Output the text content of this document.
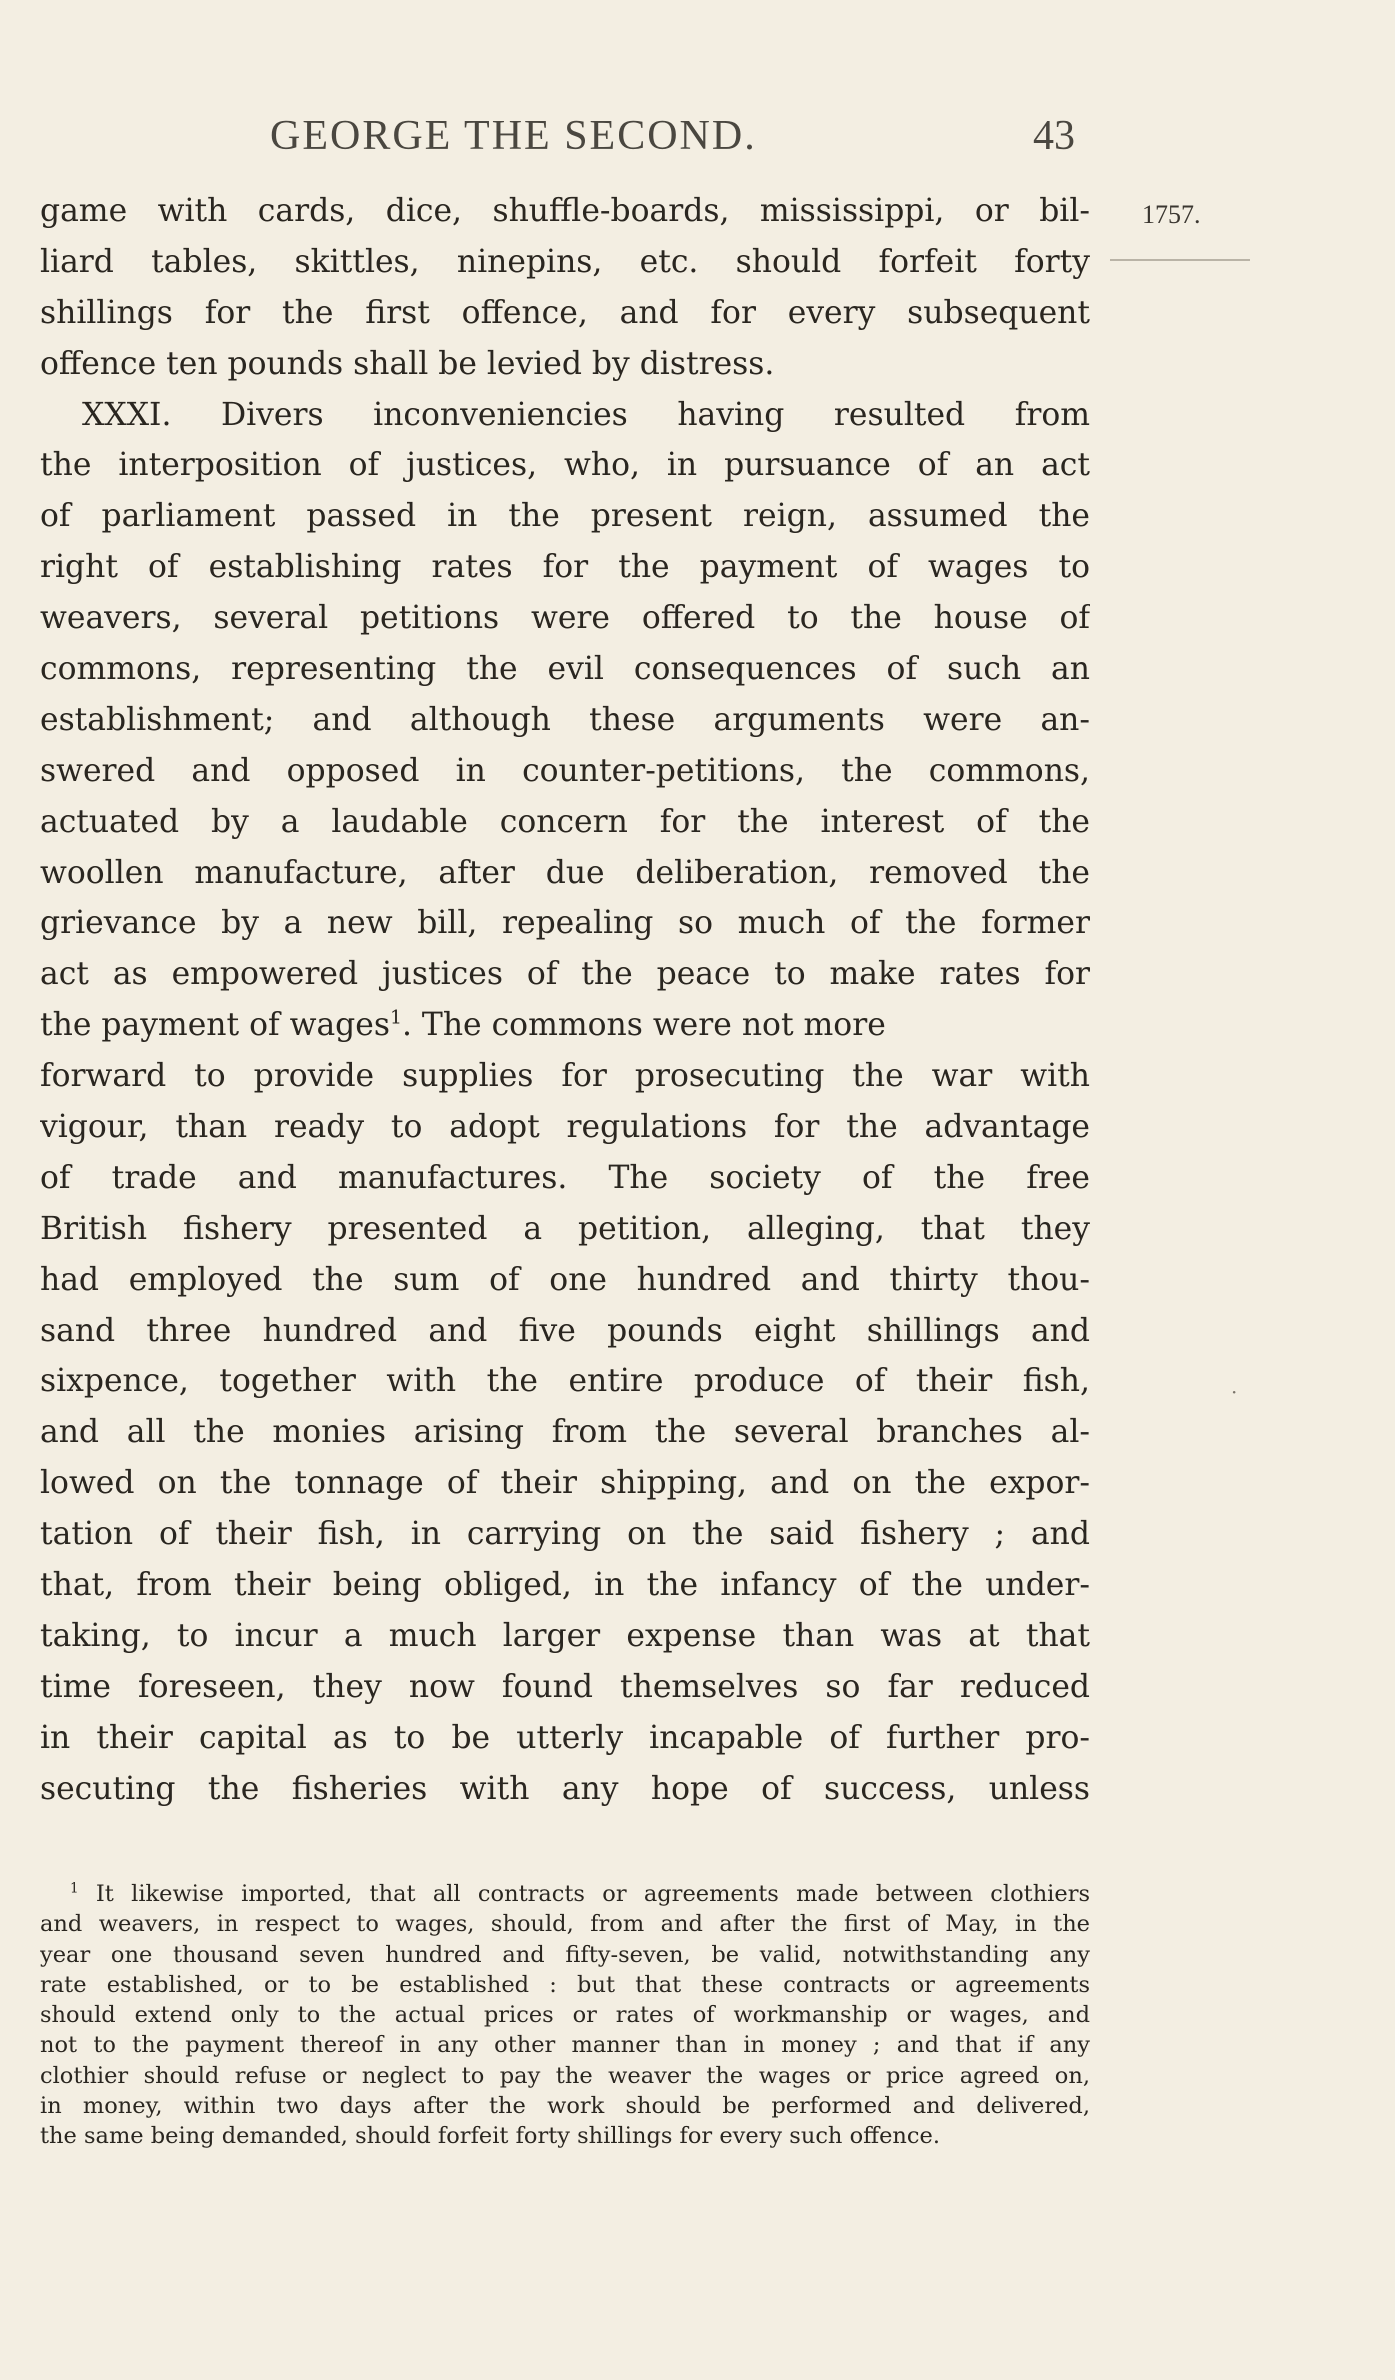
GEORGE THE SECOND.	43
1757.
game with cards, dice, shuffle-boards, mississippi, or bil-
liard tables, skittles, ninepins, etc. should forfeit forty
shillings for the first offence, and for every subsequent
offence ten pounds shall be levied by distress.
XXXI. Divers inconveniencies having resulted from
the interposition of justices, who, in pursuance of an act
of parliament passed in the present reign, assumed the
right of establishing rates for the payment of wages to
weavers, several petitions were offered to the house of
commons, representing the evil consequences of such an
establishment; and although these arguments were an-
swered and opposed in counter-petitions, the commons,
actuated by a laudable concern for the interest of the
woollen manufacture, after due deliberation, removed the
grievance by a new bill, repealing so much of the former
act as empowered justices of the peace to make rates for
the payment of wages$^1$. The commons were not more
forward to provide supplies for prosecuting the war with
vigour, than ready to adopt regulations for the advantage
of trade and manufactures. The society of the free
British fishery presented a petition, alleging, that they
had employed the sum of one hundred and thirty thou-
sand three hundred and five pounds eight shillings and
sixpence, together with the entire produce of their fish,
and all the monies arising from the several branches al-
lowed on the tonnage of their shipping, and on the expor-
tation of their fish, in carrying on the said fishery ; and
that, from their being obliged, in the infancy of the under-
taking, to incur a much larger expense than was at that
time foreseen, they now found themselves so far reduced
in their capital as to be utterly incapable of further pro-
secuting the fisheries with any hope of success, unless
$^1$ It likewise imported, that all contracts or agreements made between clothiers
and weavers, in respect to wages, should, from and after the first of May, in the
year one thousand seven hundred and fifty-seven, be valid, notwithstanding any
rate established, or to be established : but that these contracts or agreements
should extend only to the actual prices or rates of workmanship or wages, and
not to the payment thereof in any other manner than in money ; and that if any
clothier should refuse or neglect to pay the weaver the wages or price agreed on,
in money, within two days after the work should be performed and delivered,
the same being demanded, should forfeit forty shillings for every such offence.
·
